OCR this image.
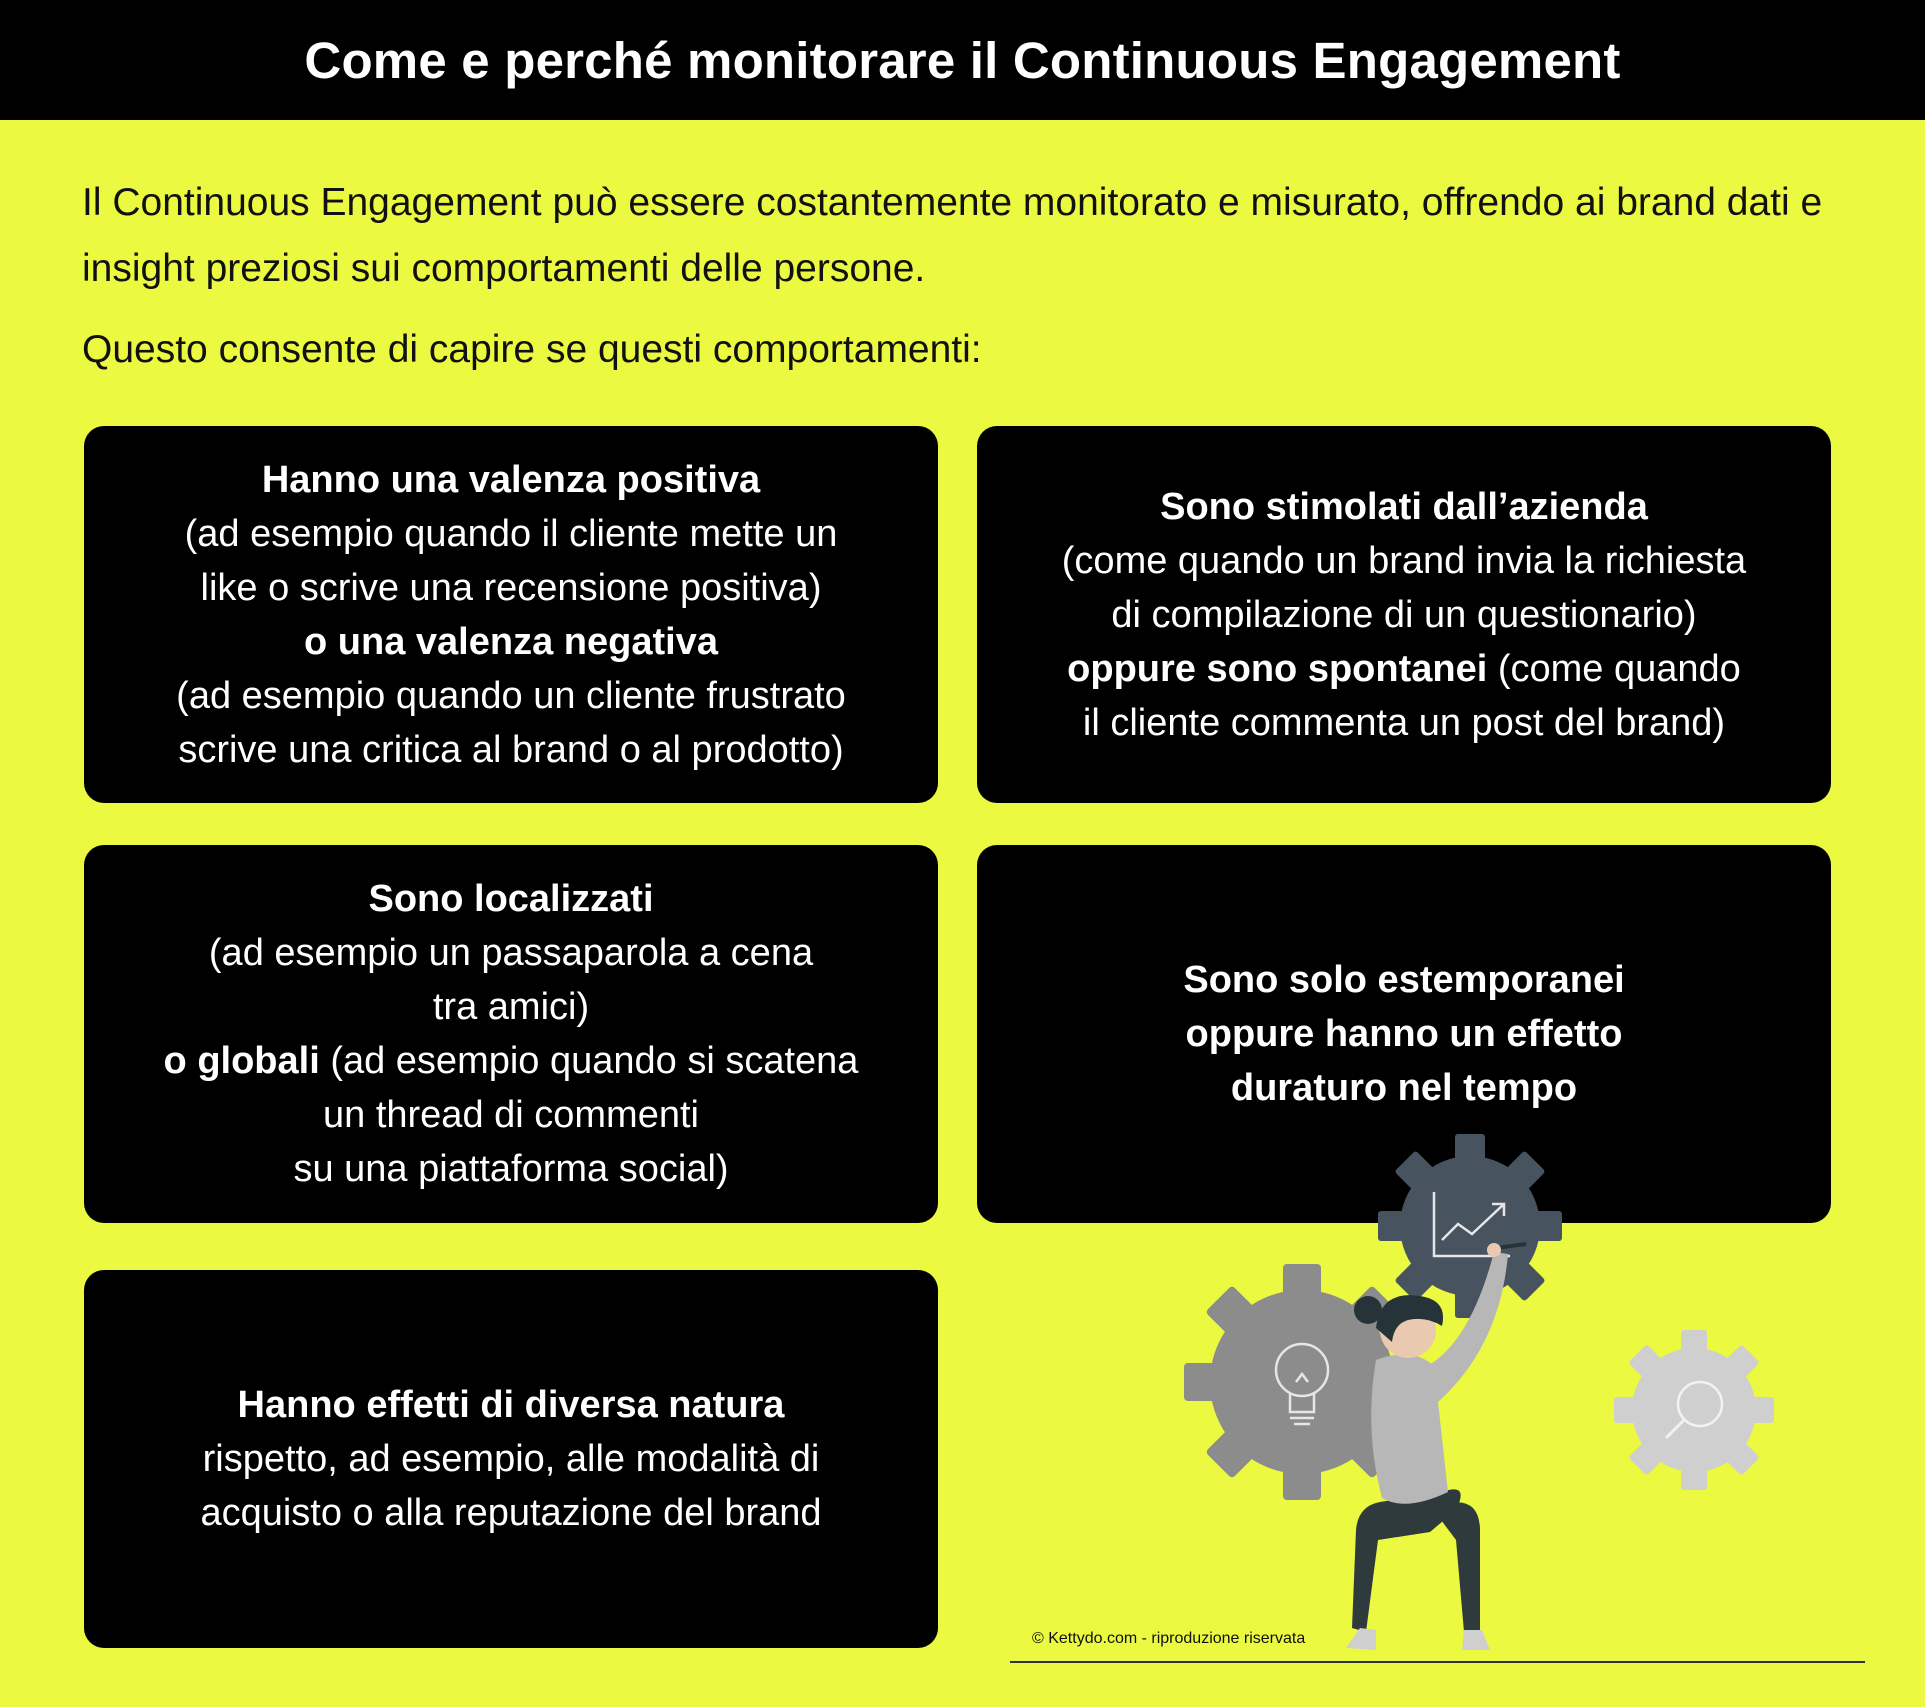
Come e perché monitorare il Continuous Engagement

Il Continuous Engagement può essere costantemente monitorato e misurato, offrendo ai brand dati e insight preziosi sui comportamenti delle persone.

Questo consente di capire se questi comportamenti:

Hanno una valenza positiva
(ad esempio quando il cliente mette un
like o scrive una recensione positiva)
o una valenza negativa
(ad esempio quando un cliente frustrato
scrive una critica al brand o al prodotto)
Sono stimolati dall’azienda
(come quando un brand invia la richiesta
di compilazione di un questionario)
oppure sono spontanei (come quando
il cliente commenta un post del brand)
Sono localizzati
(ad esempio un passaparola a cena
tra amici)
o globali (ad esempio quando si scatena
un thread di commenti
su una piattaforma social)
Sono solo estemporanei
oppure hanno un effetto
duraturo nel tempo
Hanno effetti di diversa natura
rispetto, ad esempio, alle modalità di
acquisto o alla reputazione del brand
© Kettydo.com - riproduzione riservata
